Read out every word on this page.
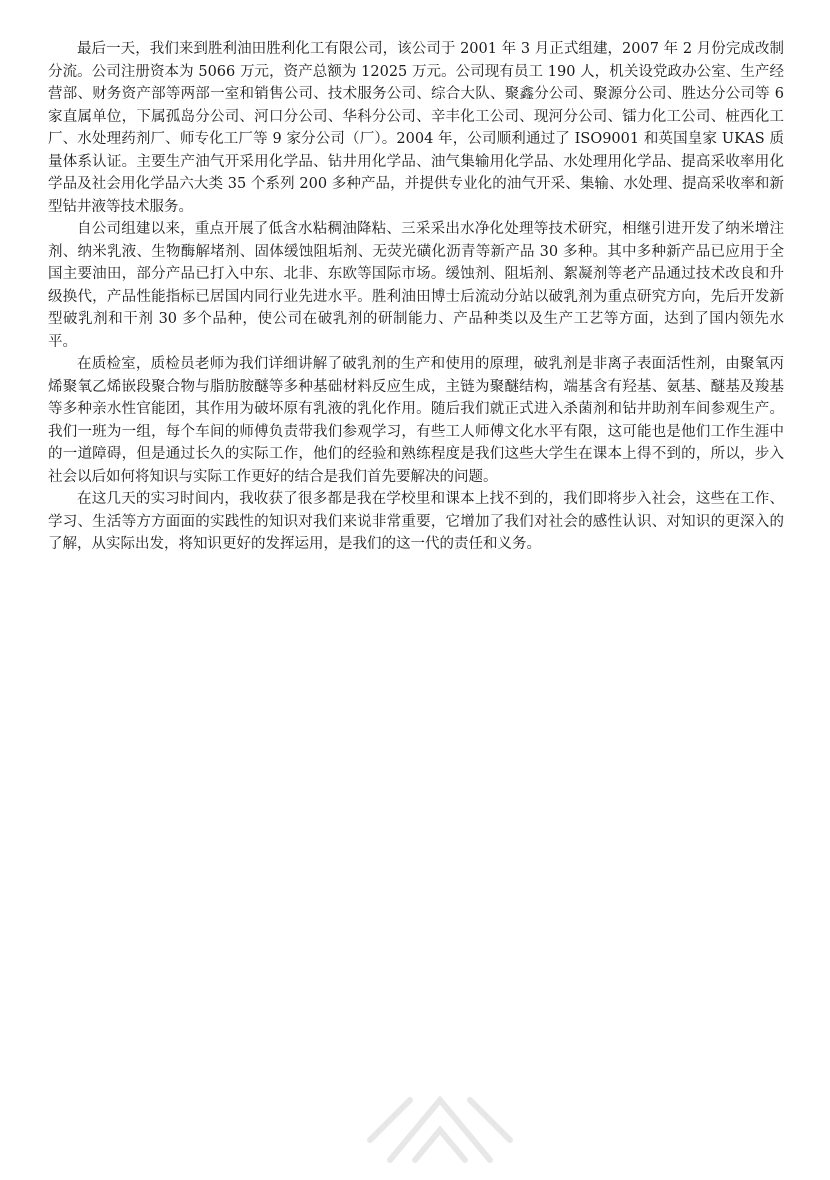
最后一天，我们来到胜利油田胜利化工有限公司，该公司于 2001 年 3 月正式组建，2007 年 2 月份完成改制分流。公司注册资本为 5066 万元，资产总额为 12025 万元。公司现有员工 190 人，机关设党政办公室、生产经营部、财务资产部等两部一室和销售公司、技术服务公司、综合大队、聚鑫分公司、聚源分公司、胜达分公司等 6 家直属单位，下属孤岛分公司、河口分公司、华科分公司、辛丰化工公司、现河分公司、镭力化工公司、桩西化工厂、水处理药剂厂、师专化工厂等 9 家分公司（厂）。2004 年，公司顺利通过了 ISO9001 和英国皇家 UKAS 质量体系认证。主要生产油气开采用化学品、钻井用化学品、油气集输用化学品、水处理用化学品、提高采收率用化学品及社会用化学品六大类 35 个系列 200 多种产品，并提供专业化的油气开采、集输、水处理、提高采收率和新型钻井液等技术服务。

自公司组建以来，重点开展了低含水粘稠油降粘、三采采出水净化处理等技术研究，相继引进开发了纳米增注剂、纳米乳液、生物酶解堵剂、固体缓蚀阻垢剂、无荧光磺化沥青等新产品 30 多种。其中多种新产品已应用于全国主要油田，部分产品已打入中东、北非、东欧等国际市场。缓蚀剂、阻垢剂、絮凝剂等老产品通过技术改良和升级换代，产品性能指标已居国内同行业先进水平。胜利油田博士后流动分站以破乳剂为重点研究方向，先后开发新型破乳剂和干剂 30 多个品种，使公司在破乳剂的研制能力、产品种类以及生产工艺等方面，达到了国内领先水平。

在质检室，质检员老师为我们详细讲解了破乳剂的生产和使用的原理，破乳剂是非离子表面活性剂，由聚氧丙烯聚氧乙烯嵌段聚合物与脂肪胺醚等多种基础材料反应生成，主链为聚醚结构，端基含有羟基、氨基、醚基及羧基等多种亲水性官能团，其作用为破坏原有乳液的乳化作用。随后我们就正式进入杀菌剂和钻井助剂车间参观生产。我们一班为一组，每个车间的师傅负责带我们参观学习，有些工人师傅文化水平有限，这可能也是他们工作生涯中的一道障碍，但是通过长久的实际工作，他们的经验和熟练程度是我们这些大学生在课本上得不到的，所以，步入社会以后如何将知识与实际工作更好的结合是我们首先要解决的问题。

在这几天的实习时间内，我收获了很多都是我在学校里和课本上找不到的，我们即将步入社会，这些在工作、学习、生活等方方面面的实践性的知识对我们来说非常重要，它增加了我们对社会的感性认识、对知识的更深入的了解，从实际出发，将知识更好的发挥运用，是我们的这一代的责任和义务。
